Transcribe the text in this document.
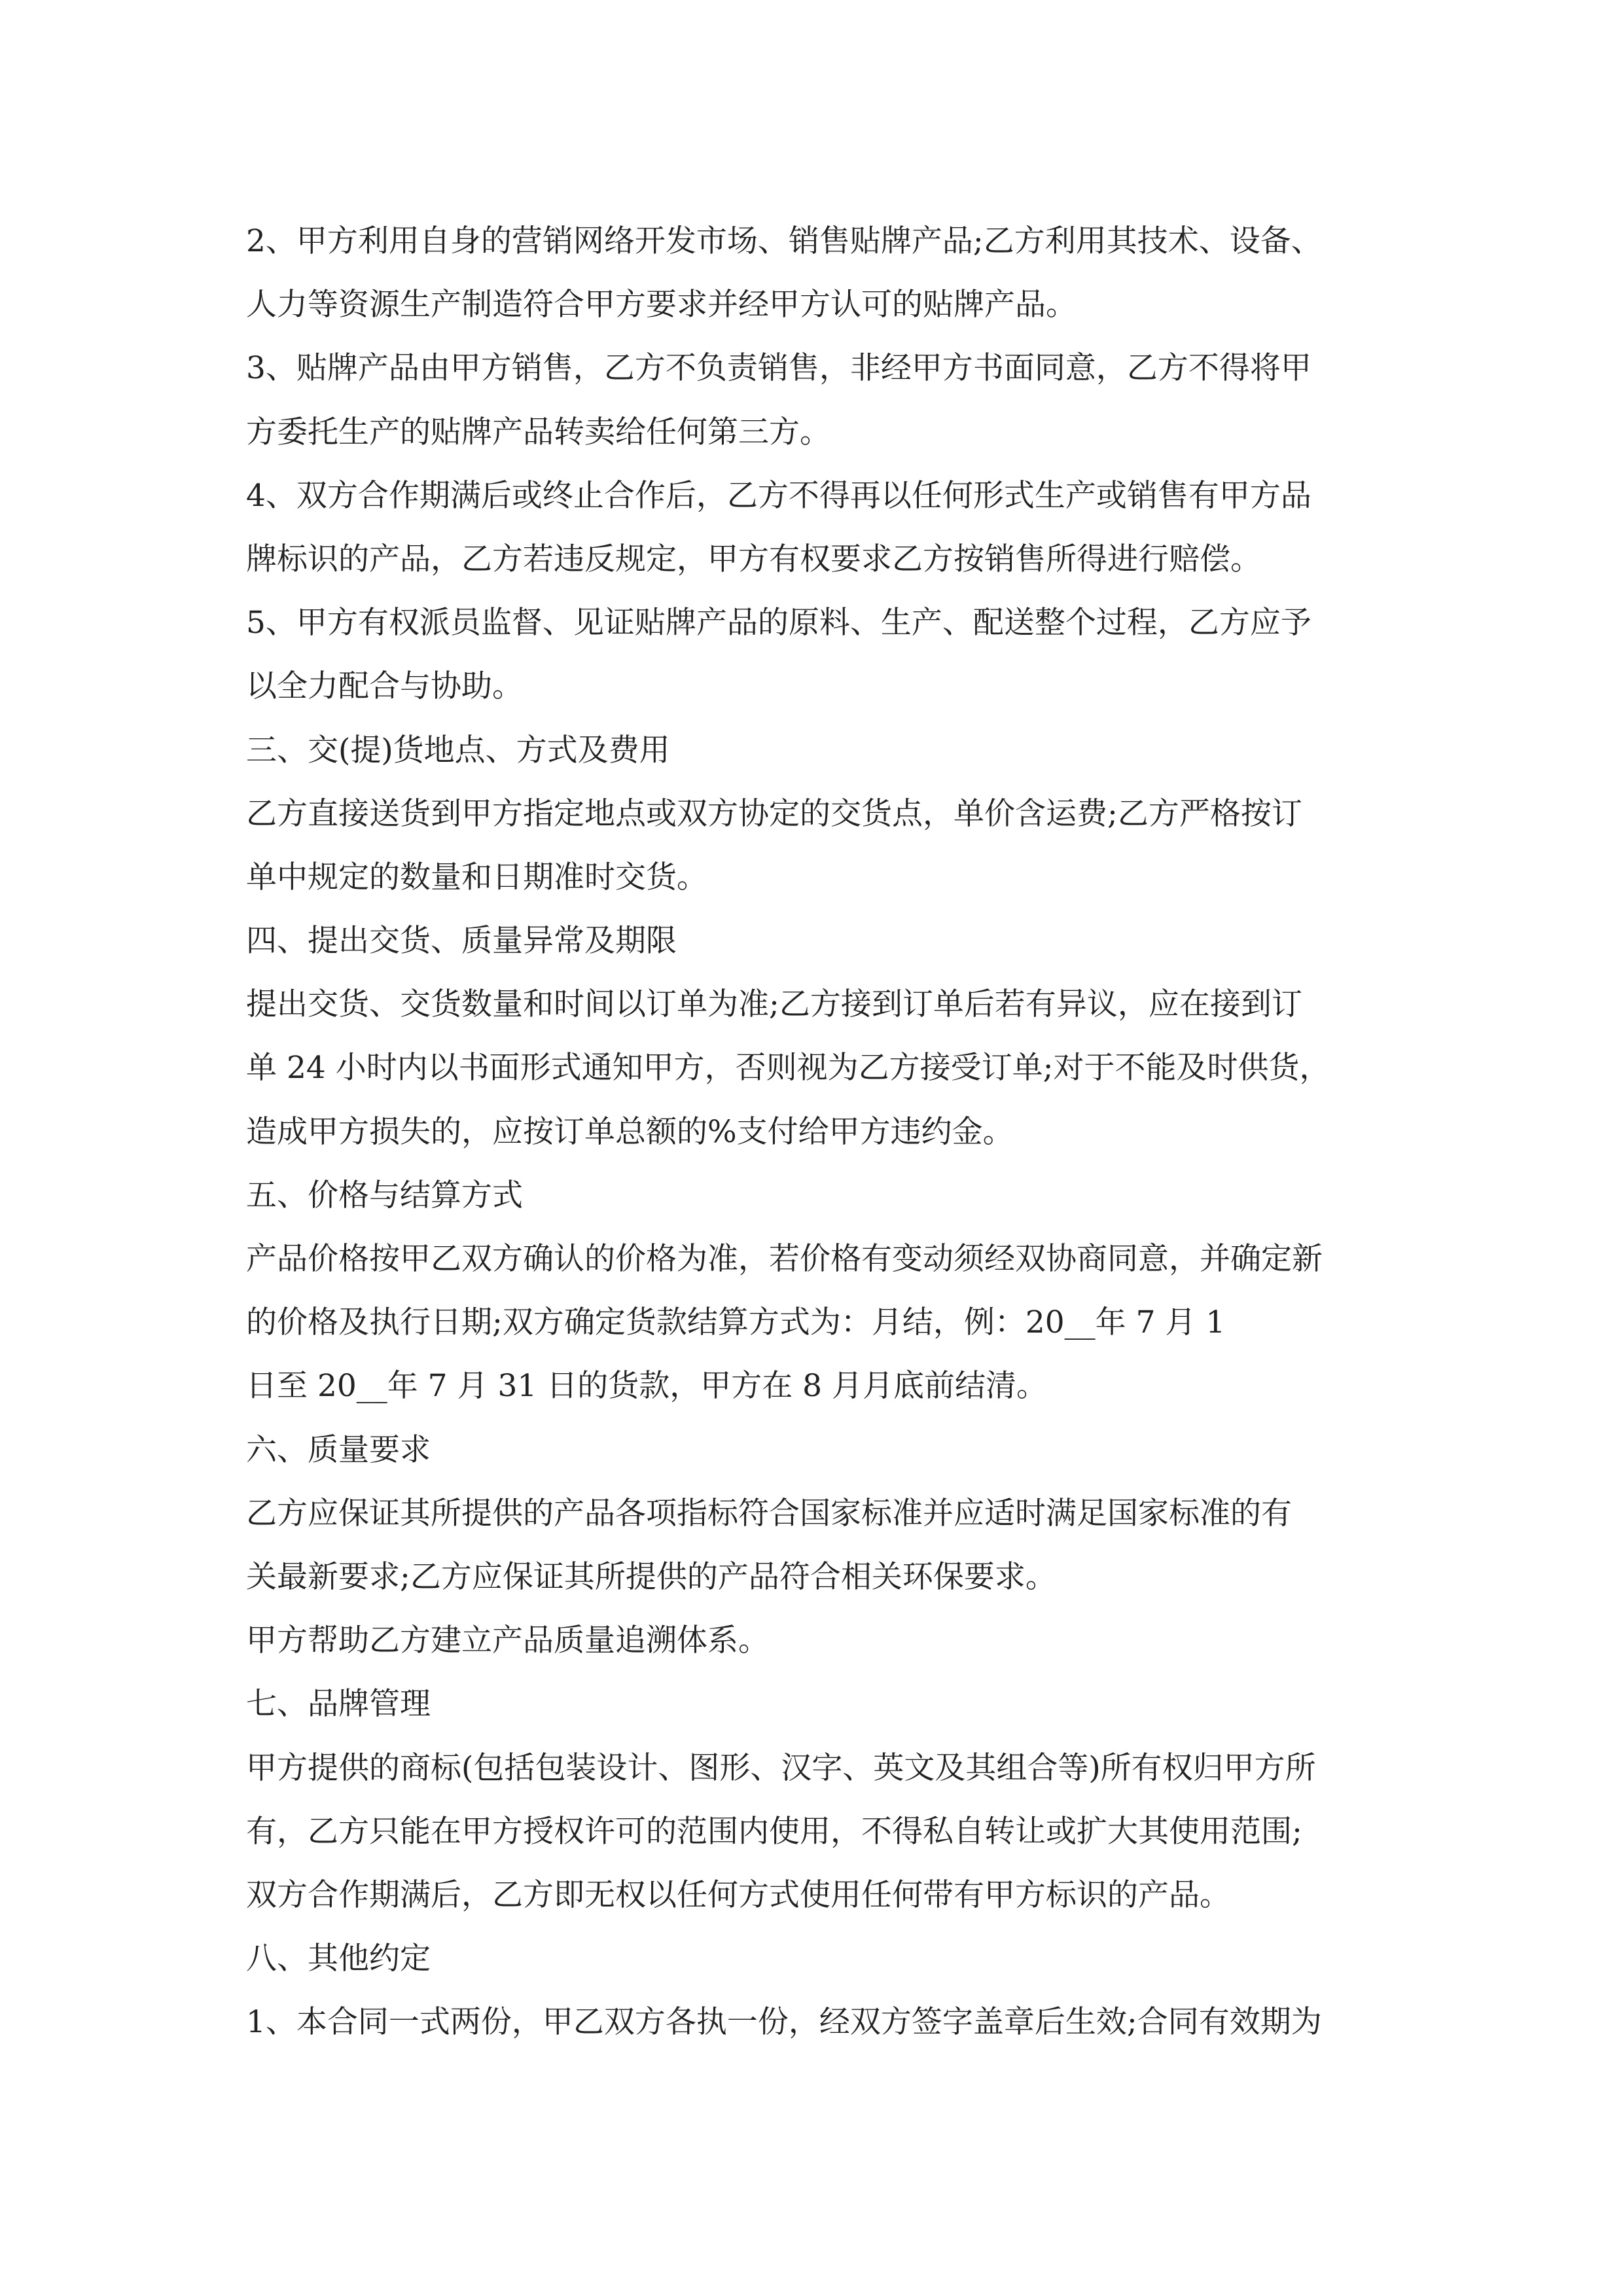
2、甲方利用自身的营销网络开发市场、销售贴牌产品;乙方利用其技术、设备、
人力等资源生产制造符合甲方要求并经甲方认可的贴牌产品。
3、贴牌产品由甲方销售，乙方不负责销售，非经甲方书面同意，乙方不得将甲
方委托生产的贴牌产品转卖给任何第三方。
4、双方合作期满后或终止合作后，乙方不得再以任何形式生产或销售有甲方品
牌标识的产品，乙方若违反规定，甲方有权要求乙方按销售所得进行赔偿。
5、甲方有权派员监督、见证贴牌产品的原料、生产、配送整个过程，乙方应予
以全力配合与协助。
三、交(提)货地点、方式及费用
乙方直接送货到甲方指定地点或双方协定的交货点，单价含运费;乙方严格按订
单中规定的数量和日期准时交货。
四、提出交货、质量异常及期限
提出交货、交货数量和时间以订单为准;乙方接到订单后若有异议，应在接到订
单 24 小时内以书面形式通知甲方，否则视为乙方接受订单;对于不能及时供货，
造成甲方损失的，应按订单总额的%支付给甲方违约金。
五、价格与结算方式
产品价格按甲乙双方确认的价格为准，若价格有变动须经双协商同意，并确定新
的价格及执行日期;双方确定货款结算方式为：月结，例：20__年 7 月 1
日至 20__年 7 月 31 日的货款，甲方在 8 月月底前结清。
六、质量要求
乙方应保证其所提供的产品各项指标符合国家标准并应适时满足国家标准的有
关最新要求;乙方应保证其所提供的产品符合相关环保要求。
甲方帮助乙方建立产品质量追溯体系。
七、品牌管理
甲方提供的商标(包括包装设计、图形、汉字、英文及其组合等)所有权归甲方所
有，乙方只能在甲方授权许可的范围内使用，不得私自转让或扩大其使用范围;
双方合作期满后，乙方即无权以任何方式使用任何带有甲方标识的产品。
八、其他约定
1、本合同一式两份，甲乙双方各执一份，经双方签字盖章后生效;合同有效期为
